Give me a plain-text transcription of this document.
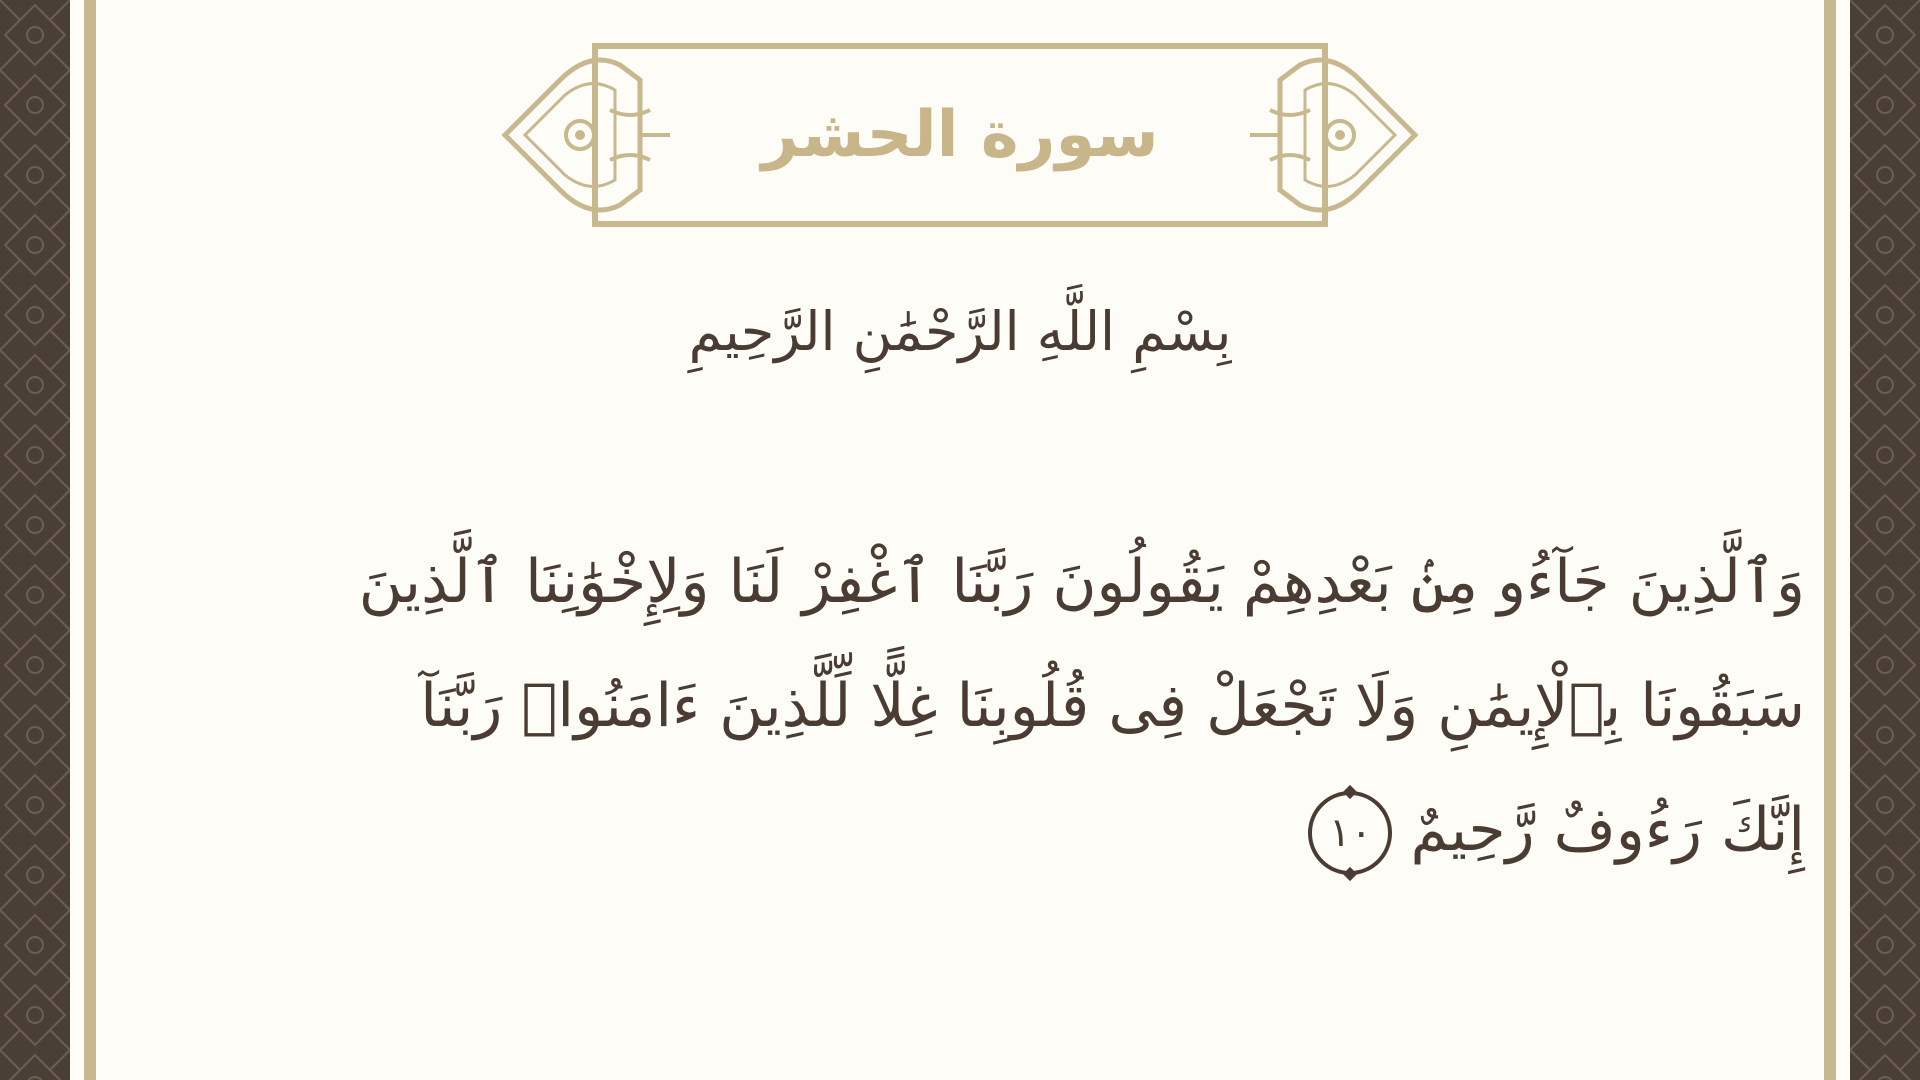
سورة الحشر
بِسْمِ اللَّهِ الرَّحْمَٰنِ الرَّحِيمِ
وَٱلَّذِينَ جَآءُو مِنۢ بَعْدِهِمْ يَقُولُونَ رَبَّنَا ٱغْفِرْ لَنَا وَلِإِخْوَٰنِنَا ٱلَّذِينَ
سَبَقُونَا بِٱلْإِيمَٰنِ وَلَا تَجْعَلْ فِى قُلُوبِنَا غِلًّا لِّلَّذِينَ ءَامَنُوا۟ رَبَّنَآ
إِنَّكَ رَءُوفٌ رَّحِيمٌ١٠
